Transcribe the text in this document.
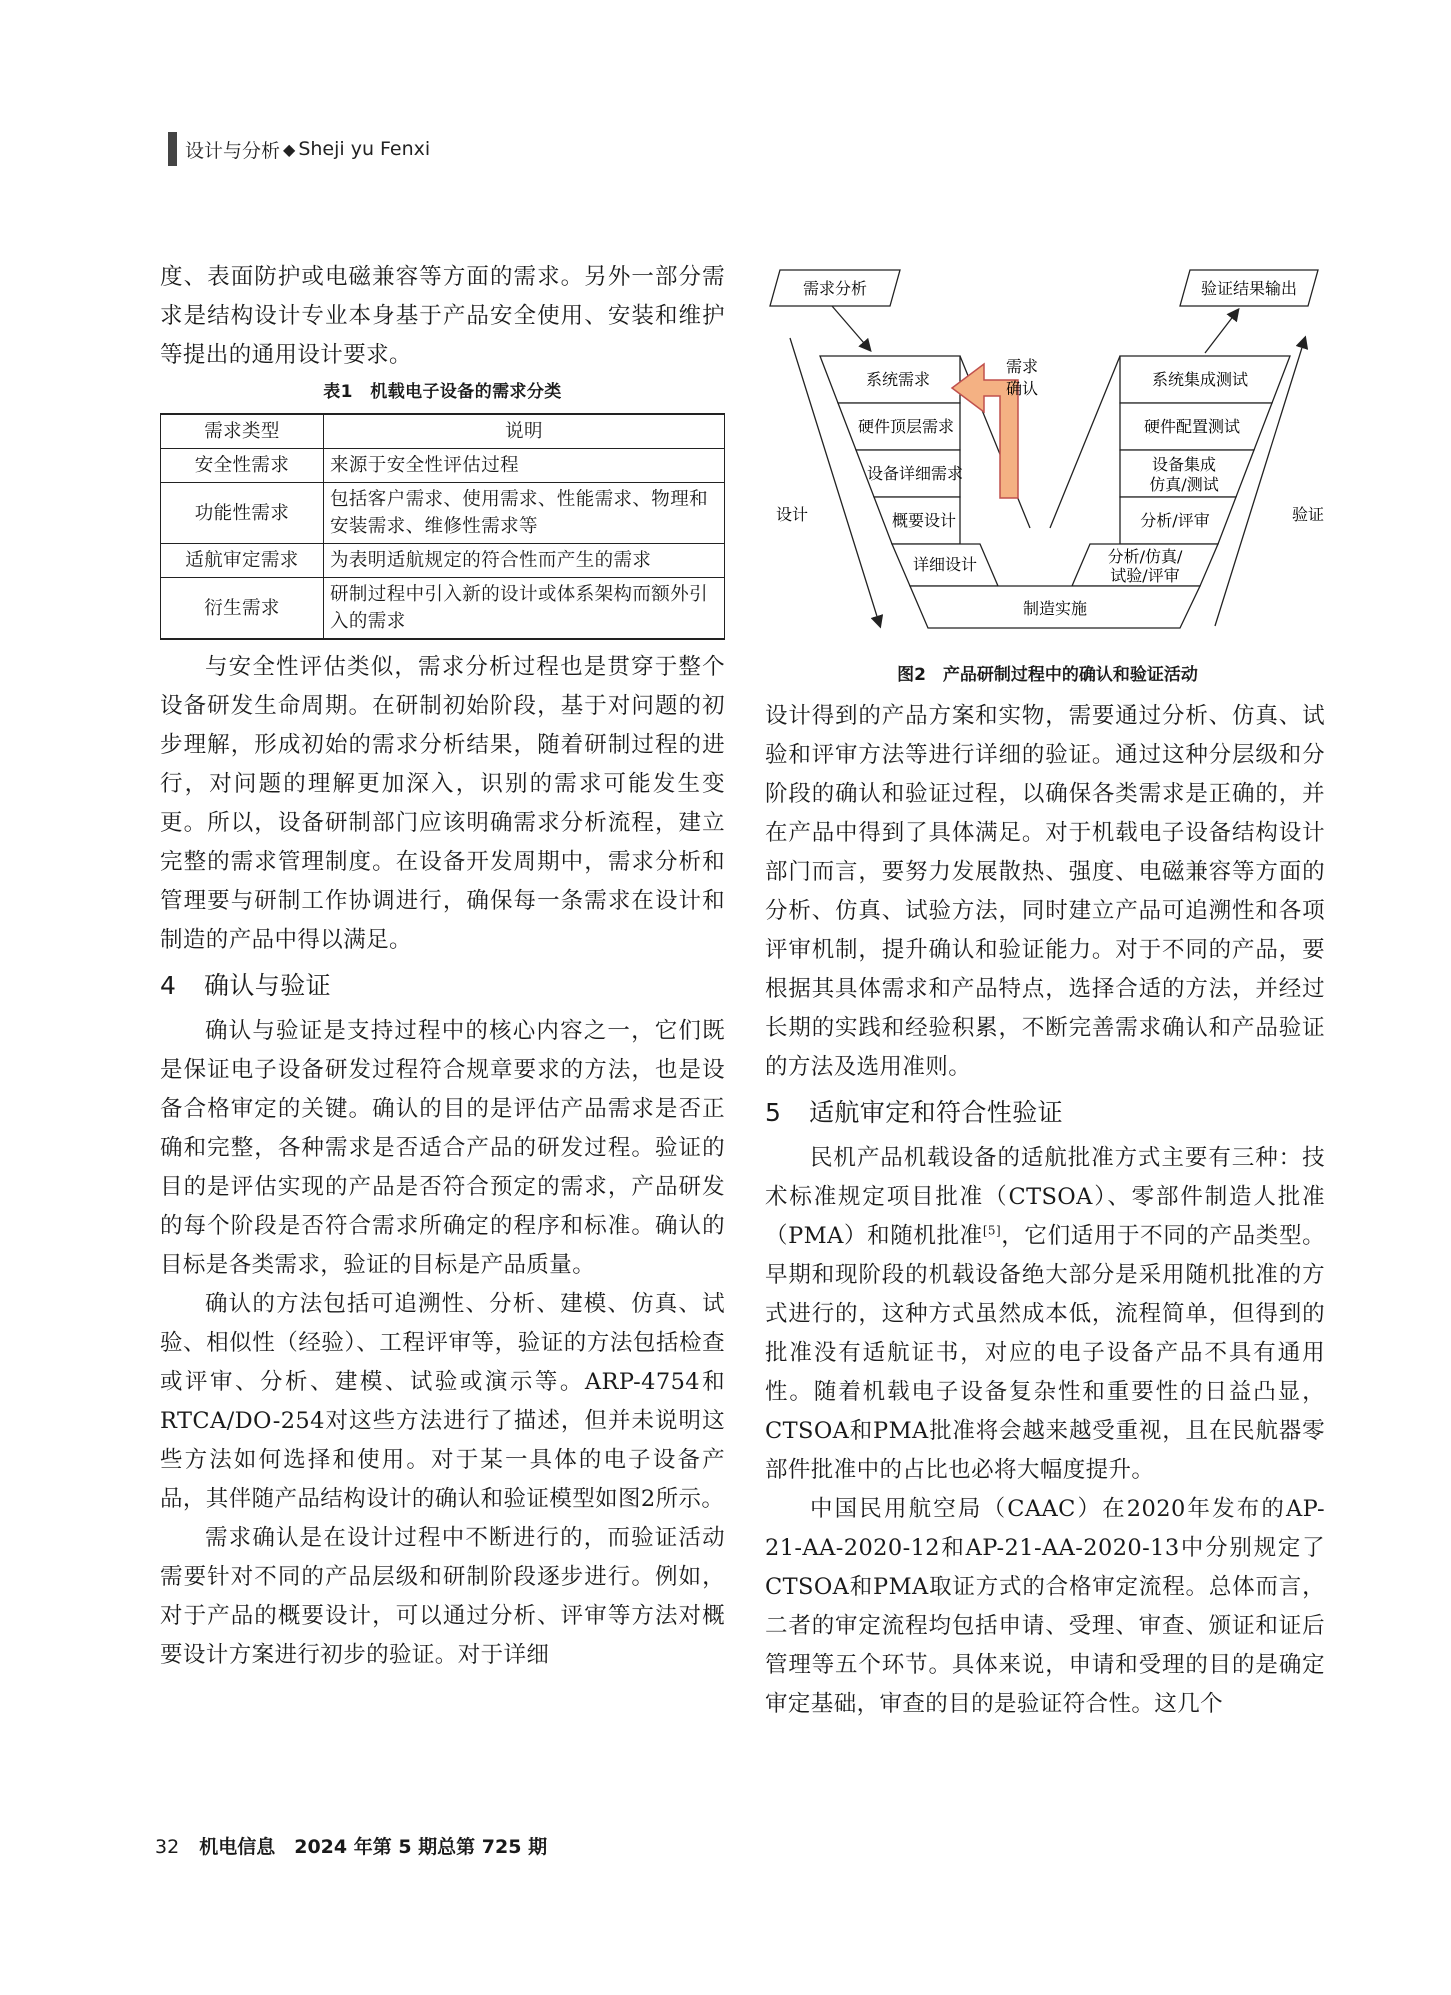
设计与分析 ◆ Sheji yu Fenxi

度、表面防护或电磁兼容等方面的需求。另外一部分需求是结构设计专业本身基于产品安全使用、安装和维护等提出的通用设计要求。

表1　机载电子设备的需求分类
需求类型	说明
安全性需求	来源于安全性评估过程
功能性需求	包括客户需求、使用需求、性能需求、物理和安装需求、维修性需求等
适航审定需求	为表明适航规定的符合性而产生的需求
衍生需求	研制过程中引入新的设计或体系架构而额外引入的需求

与安全性评估类似，需求分析过程也是贯穿于整个设备研发生命周期。在研制初始阶段，基于对问题的初步理解，形成初始的需求分析结果，随着研制过程的进行，对问题的理解更加深入，识别的需求可能发生变更。所以，设备研制部门应该明确需求分析流程，建立完整的需求管理制度。在设备开发周期中，需求分析和管理要与研制工作协调进行，确保每一条需求在设计和制造的产品中得以满足。

4 确认与验证

确认与验证是支持过程中的核心内容之一，它们既是保证电子设备研发过程符合规章要求的方法，也是设备合格审定的关键。确认的目的是评估产品需求是否正确和完整，各种需求是否适合产品的研发过程。验证的目的是评估实现的产品是否符合预定的需求，产品研发的每个阶段是否符合需求所确定的程序和标准。确认的目标是各类需求，验证的目标是产品质量。

确认的方法包括可追溯性、分析、建模、仿真、试验、相似性（经验）、工程评审等，验证的方法包括检查或评审、分析、建模、试验或演示等。ARP-4754和RTCA/DO-254对这些方法进行了描述，但并未说明这些方法如何选择和使用。对于某一具体的电子设备产品，其伴随产品结构设计的确认和验证模型如图2所示。

需求确认是在设计过程中不断进行的，而验证活动需要针对不同的产品层级和研制阶段逐步进行。例如，对于产品的概要设计，可以通过分析、评审等方法对概要设计方案进行初步的验证。对于详细

需求分析	验证结果输出
系统需求
硬件顶层需求
设备详细需求
概要设计
详细设计
系统集成测试
硬件配置测试
设备集成
仿真/测试
分析/评审
分析/仿真/
试验/评审
制造实施
需求
确认
设计	验证
图2　产品研制过程中的确认和验证活动

设计得到的产品方案和实物，需要通过分析、仿真、试验和评审方法等进行详细的验证。通过这种分层级和分阶段的确认和验证过程，以确保各类需求是正确的，并在产品中得到了具体满足。对于机载电子设备结构设计部门而言，要努力发展散热、强度、电磁兼容等方面的分析、仿真、试验方法，同时建立产品可追溯性和各项评审机制，提升确认和验证能力。对于不同的产品，要根据其具体需求和产品特点，选择合适的方法，并经过长期的实践和经验积累，不断完善需求确认和产品验证的方法及选用准则。

5 适航审定和符合性验证

民机产品机载设备的适航批准方式主要有三种：技术标准规定项目批准（CTSOA）、零部件制造人批准（PMA）和随机批准[5]，它们适用于不同的产品类型。早期和现阶段的机载设备绝大部分是采用随机批准的方式进行的，这种方式虽然成本低，流程简单，但得到的批准没有适航证书，对应的电子设备产品不具有通用性。随着机载电子设备复杂性和重要性的日益凸显，CTSOA和PMA批准将会越来越受重视，且在民航器零部件批准中的占比也必将大幅度提升。

中国民用航空局（CAAC）在2020年发布的AP-21-AA-2020-12和AP-21-AA-2020-13中分别规定了CTSOA和PMA取证方式的合格审定流程。总体而言，二者的审定流程均包括申请、受理、审查、颁证和证后管理等五个环节。具体来说，申请和受理的目的是确定审定基础，审查的目的是验证符合性。这几个

32 机电信息　2024 年第 5 期总第 725 期
